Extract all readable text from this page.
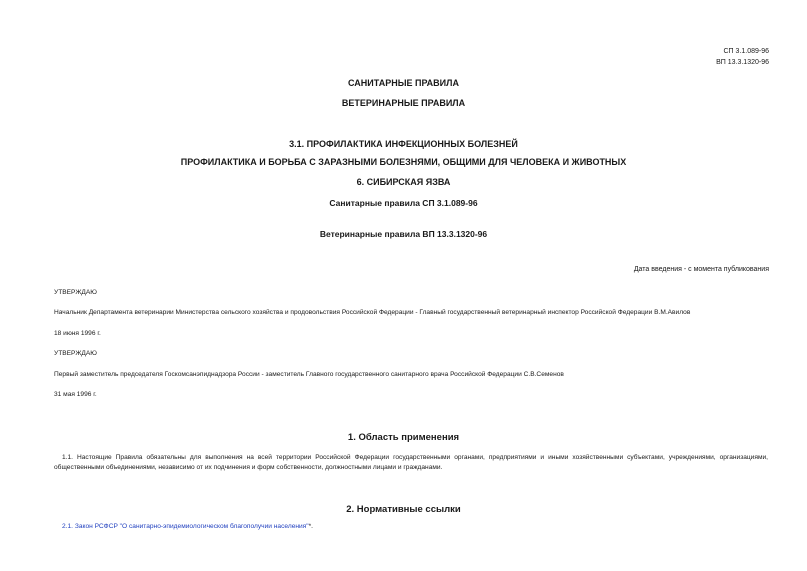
СП 3.1.089-96
ВП 13.3.1320-96
САНИТАРНЫЕ ПРАВИЛА
ВЕТЕРИНАРНЫЕ ПРАВИЛА
3.1. ПРОФИЛАКТИКА ИНФЕКЦИОННЫХ БОЛЕЗНЕЙ
ПРОФИЛАКТИКА И БОРЬБА С ЗАРАЗНЫМИ БОЛЕЗНЯМИ, ОБЩИМИ ДЛЯ ЧЕЛОВЕКА И ЖИВОТНЫХ
6. СИБИРСКАЯ ЯЗВА
Санитарные правила СП 3.1.089-96
Ветеринарные правила ВП 13.3.1320-96
Дата введения - с момента публикования
УТВЕРЖДАЮ
Начальник Департамента ветеринарии Министерства сельского хозяйства и продовольствия Российской Федерации - Главный государственный ветеринарный инспектор Российской Федерации В.М.Авилов
18 июня 1996 г.
УТВЕРЖДАЮ
Первый заместитель председателя Госкомсанэпиднадзора России - заместитель Главного государственного санитарного врача Российской Федерации С.В.Семенов
31 мая 1996 г.
1. Область применения
1.1. Настоящие Правила обязательны для выполнения на всей территории Российской Федерации государственными органами, предприятиями и иными хозяйственными субъектами, учреждениями, организациями, общественными объединениями, независимо от их подчинения и форм собственности, должностными лицами и гражданами.
2. Нормативные ссылки
2.1. Закон РСФСР "О санитарно-эпидемиологическом благополучии населения"*.
